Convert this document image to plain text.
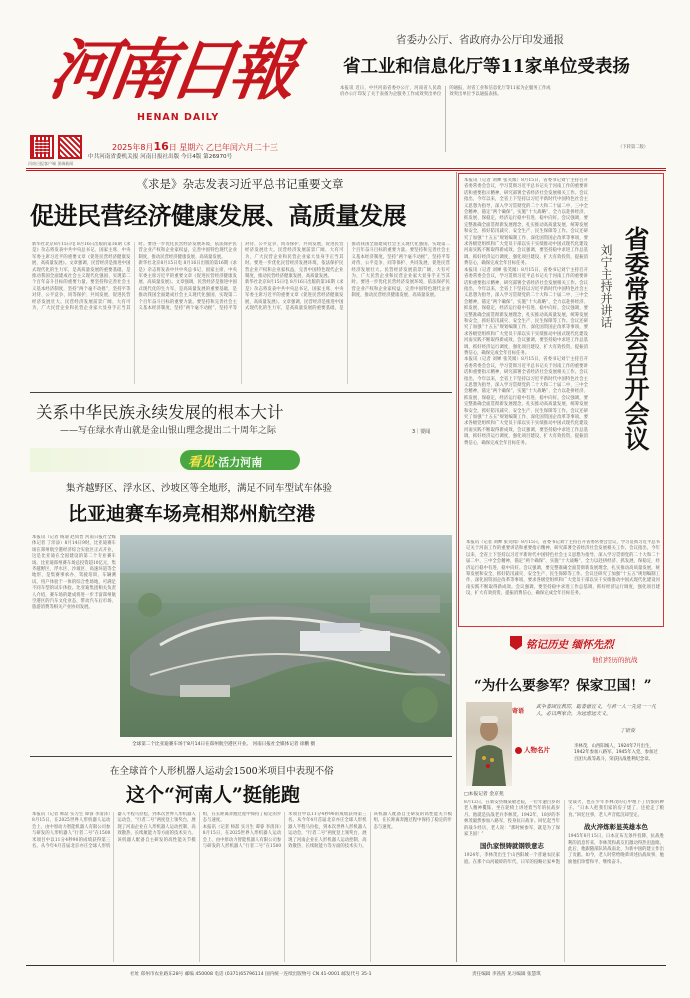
河南日報
HENAN DAILY
河南日报客户端 顶端新闻
2025年8月16日 星期六 乙巳年闰六月二十三
中共河南省委机关报 河南日报社出版 今日4版 第26970号
省委办公厅、省政府办公厅印发通报
省工业和信息化厅等11家单位受表扬
本报讯 近日，中共河南省委办公厅、河南省人民政府办公厅印发了关于表扬为企服务工作成效突出单位的通报，对省工业和信息化厅等11家为企服务工作成效突出单位予以通报表扬。
（下转第二版）
《求是》杂志发表习近平总书记重要文章
促进民营经济健康发展、高质量发展
新华社北京8月15日电 8月16日出版的第16期《求是》杂志将发表中共中央总书记、国家主席、中央军委主席习近平的重要文章《促进民营经济健康发展、高质量发展》。文章强调，民营经济是推进中国式现代化的生力军，是高质量发展的重要基础，是推动我国全面建成社会主义现代化强国、实现第二个百年奋斗目标的重要力量。要坚持和完善社会主义基本经济制度，坚持“两个毫不动摇”，坚持平等对待、公平竞争、同等保护、共同发展，促进民营经济发展壮大。民营经济发展前景广阔、大有可为，广大民营企业和民营企业家大显身手正当其时。要进一步优化民营经济发展环境，依法保护民营企业产权和企业家权益，完善中国特色现代企业制度，推动民营经济健康发展、高质量发展。
新华社北京8月15日电 8月16日出版的第16期《求是》杂志将发表中共中央总书记、国家主席、中央军委主席习近平的重要文章《促进民营经济健康发展、高质量发展》。文章强调，民营经济是推进中国式现代化的生力军，是高质量发展的重要基础，是推动我国全面建成社会主义现代化强国、实现第二个百年奋斗目标的重要力量。要坚持和完善社会主义基本经济制度，坚持“两个毫不动摇”，坚持平等对待、公平竞争、同等保护、共同发展，促进民营经济发展壮大。民营经济发展前景广阔、大有可为，广大民营企业和民营企业家大显身手正当其时。要进一步优化民营经济发展环境，依法保护民营企业产权和企业家权益，完善中国特色现代企业制度，推动民营经济健康发展、高质量发展。
新华社北京8月15日电 8月16日出版的第16期《求是》杂志将发表中共中央总书记、国家主席、中央军委主席习近平的重要文章《促进民营经济健康发展、高质量发展》。文章强调，民营经济是推进中国式现代化的生力军，是高质量发展的重要基础，是推动我国全面建成社会主义现代化强国、实现第二个百年奋斗目标的重要力量。要坚持和完善社会主义基本经济制度，坚持“两个毫不动摇”，坚持平等对待、公平竞争、同等保护、共同发展，促进民营经济发展壮大。民营经济发展前景广阔、大有可为，广大民营企业和民营企业家大显身手正当其时。要进一步优化民营经济发展环境，依法保护民营企业产权和企业家权益，完善中国特色现代企业制度，推动民营经济健康发展、高质量发展。
关系中华民族永续发展的根本大计
——写在绿水青山就是金山银山理念提出二十周年之际	3｜要闻
看见·活力河南
集齐越野区、浮水区、沙坡区等全地形，满足不同车型试车体验
比亚迪赛车场亮相郑州航空港
本报讯（记者 杨迪 赵同晋 河南日报社全媒体记者 丁洋添）8月14日9时，比亚迪赛车场在郑州航空港经济综合实验区正式开业，这是比亚迪在全国建设的第二个专业赛车场。比亚迪郑州赛车场总投资超10亿元，集齐越野区、浮水区、沙坡区、高速环道等全地形，是集赛事承办、驾驶培训、车辆测试、用户体验于一体的综合性场地，可满足不同车型的试车体验。比亚迪集团相关负责人介绍，赛车场的建成将进一步丰富郑州航空港区的汽车文化业态，带动汽车后市场、旅游消费等相关产业协同发展。
全球第二个比亚迪赛车场于8月14日在郑州航空港区开业。 河南日报社全媒体记者 徐鹏 摄
在全球首个人形机器人运动会1500米项目中表现不俗
这个“河南人”挺能跑
本报讯（记者 师喆 实习生 谭睿 李清泽）8月15日，在2025世界人形机器人运动会上，由中原动力智能机器人有限公司参与研发的人形机器人“行者二号”在1500米项目中以11分4秒90的成绩获得第三名。从今年4月首届北京亦庄全球人形机器人半程马拉松，到本次世界人形机器人运动会，“行者二号”两度登上领奖台，展现了河南企业在人形机器人运动控制、高效散热、长续航能力等方面的技术实力。该机器人配备自主研发的高性能关节模组，在长距离奔跑过程中保持了稳定的步态与速度。
本报讯（记者 师喆 实习生 谭睿 李清泽）8月15日，在2025世界人形机器人运动会上，由中原动力智能机器人有限公司参与研发的人形机器人“行者二号”在1500米项目中以11分4秒90的成绩获得第三名。从今年4月首届北京亦庄全球人形机器人半程马拉松，到本次世界人形机器人运动会，“行者二号”两度登上领奖台，展现了河南企业在人形机器人运动控制、高效散热、长续航能力等方面的技术实力。该机器人配备自主研发的高性能关节模组，在长距离奔跑过程中保持了稳定的步态与速度。
本报讯（记者 刘婵 张笑闻）8月15日，省委书记刘宁主持召开省委常委会会议，学习贯彻习近平总书记关于河南工作的重要讲话和重要指示精神，研究部署全省经济社会发展相关工作。会议指出，今年以来，全省上下坚持以习近平新时代中国特色社会主义思想为指导，深入学习贯彻党的二十大和二十届二中、三中全会精神，锚定“两个确保”，实施“十大战略”，全力以赴拼经济、抓发展、保稳定，经济运行稳中有进、稳中向好。会议强调，要完整准确全面贯彻新发展理念，扎实推动高质量发展，统筹发展和安全，抓好防汛减灾、安全生产、民生保障等工作。会议还研究了加强“十五五”规划编制工作、深化国资国企改革等事项，要求各级党组织和广大党员干部以实干实绩推动中国式现代化建设河南实践不断取得新成效。会议强调，要坚持稳中求进工作总基调，抓好经济运行调度，强化项目建设，扩大有效投资，提振消费信心，确保完成全年目标任务。
本报讯（记者 刘婵 张笑闻）8月15日，省委书记刘宁主持召开省委常委会会议，学习贯彻习近平总书记关于河南工作的重要讲话和重要指示精神，研究部署全省经济社会发展相关工作。会议指出，今年以来，全省上下坚持以习近平新时代中国特色社会主义思想为指导，深入学习贯彻党的二十大和二十届二中、三中全会精神，锚定“两个确保”，实施“十大战略”，全力以赴拼经济、抓发展、保稳定，经济运行稳中有进、稳中向好。会议强调，要完整准确全面贯彻新发展理念，扎实推动高质量发展，统筹发展和安全，抓好防汛减灾、安全生产、民生保障等工作。会议还研究了加强“十五五”规划编制工作、深化国资国企改革等事项，要求各级党组织和广大党员干部以实干实绩推动中国式现代化建设河南实践不断取得新成效。会议强调，要坚持稳中求进工作总基调，抓好经济运行调度，强化项目建设，扩大有效投资，提振消费信心，确保完成全年目标任务。
本报讯（记者 刘婵 张笑闻）8月15日，省委书记刘宁主持召开省委常委会会议，学习贯彻习近平总书记关于河南工作的重要讲话和重要指示精神，研究部署全省经济社会发展相关工作。会议指出，今年以来，全省上下坚持以习近平新时代中国特色社会主义思想为指导，深入学习贯彻党的二十大和二十届二中、三中全会精神，锚定“两个确保”，实施“十大战略”，全力以赴拼经济、抓发展、保稳定，经济运行稳中有进、稳中向好。会议强调，要完整准确全面贯彻新发展理念，扎实推动高质量发展，统筹发展和安全，抓好防汛减灾、安全生产、民生保障等工作。会议还研究了加强“十五五”规划编制工作、深化国资国企改革等事项，要求各级党组织和广大党员干部以实干实绩推动中国式现代化建设河南实践不断取得新成效。会议强调，要坚持稳中求进工作总基调，抓好经济运行调度，强化项目建设，扩大有效投资，提振消费信心，确保完成全年目标任务。	省委常委会召开会议
刘宁主持并讲话
本报讯（记者 刘婵 张笑闻）8月15日，省委书记刘宁主持召开省委常委会会议，学习贯彻习近平总书记关于河南工作的重要讲话和重要指示精神，研究部署全省经济社会发展相关工作。会议指出，今年以来，全省上下坚持以习近平新时代中国特色社会主义思想为指导，深入学习贯彻党的二十大和二十届二中、三中全会精神，锚定“两个确保”，实施“十大战略”，全力以赴拼经济、抓发展、保稳定，经济运行稳中有进、稳中向好。会议强调，要完整准确全面贯彻新发展理念，扎实推动高质量发展，统筹发展和安全，抓好防汛减灾、安全生产、民生保障等工作。会议还研究了加强“十五五”规划编制工作、深化国资国企改革等事项，要求各级党组织和广大党员干部以实干实绩推动中国式现代化建设河南实践不断取得新成效。会议强调，要坚持稳中求进工作总基调，抓好经济运行调度，强化项目建设，扩大有效投资，提振消费信心，确保完成全年目标任务。
铭记历史 缅怀先烈
他们经历的抗战
“为什么要参军？保家卫国！”
寄语
武争者固宜教厉，聪者德宜义，与君一人一先见一一凡人，必以两家合，为远虑远天义。
丁银俊
人物名片	李林茂，山西阳城人，1924年7月出生，1942年参加八路军，1945年入党，参加过百团大战等战斗，荣获抗战胜利纪念章。
□本报记者 金京苑
8月12日，在新安县城某敬老院，一位年逾百岁的老人精神矍铄，坐在轮椅上讲述着当年的抗战岁月。他就是抗战老兵李林茂。1942年，18岁的李林茂毅然参加八路军，投身抗日战争。回忆起当年的战斗经历，老人说：“那时候参军，就是为了保家卫国！”
国仇家恨铸就钢铁意志
1924年，李林茂出生于山西阳城一个普通农民家庭。在那个山河破碎的年代，日军的侵略让家乡饱受战火，也在少年李林茂的心中埋下了仇恨的种子。“日本人把我们家的房子烧了，还抢走了粮食。”回忆往事，老人声音低沉却坚定。
战火淬炼彰显英雄本色
1945年8月15日，日本宣布无条件投降，抗战胜利的消息传来，李林茂和战友们激动得热泪盈眶。此后，他跟随部队转战南北，为新中国的建立作出了贡献。如今，老人时常给晚辈讲述抗战故事，勉励他们珍惜和平，继续奋斗。
社址 郑州市农业路东28号 邮编 450008 电话 (0371)65796114 国内统一连续出版物号 CN 41-0001 邮发代号 35-1	责任编辑 李茜茜 见习编辑 张慧琪
